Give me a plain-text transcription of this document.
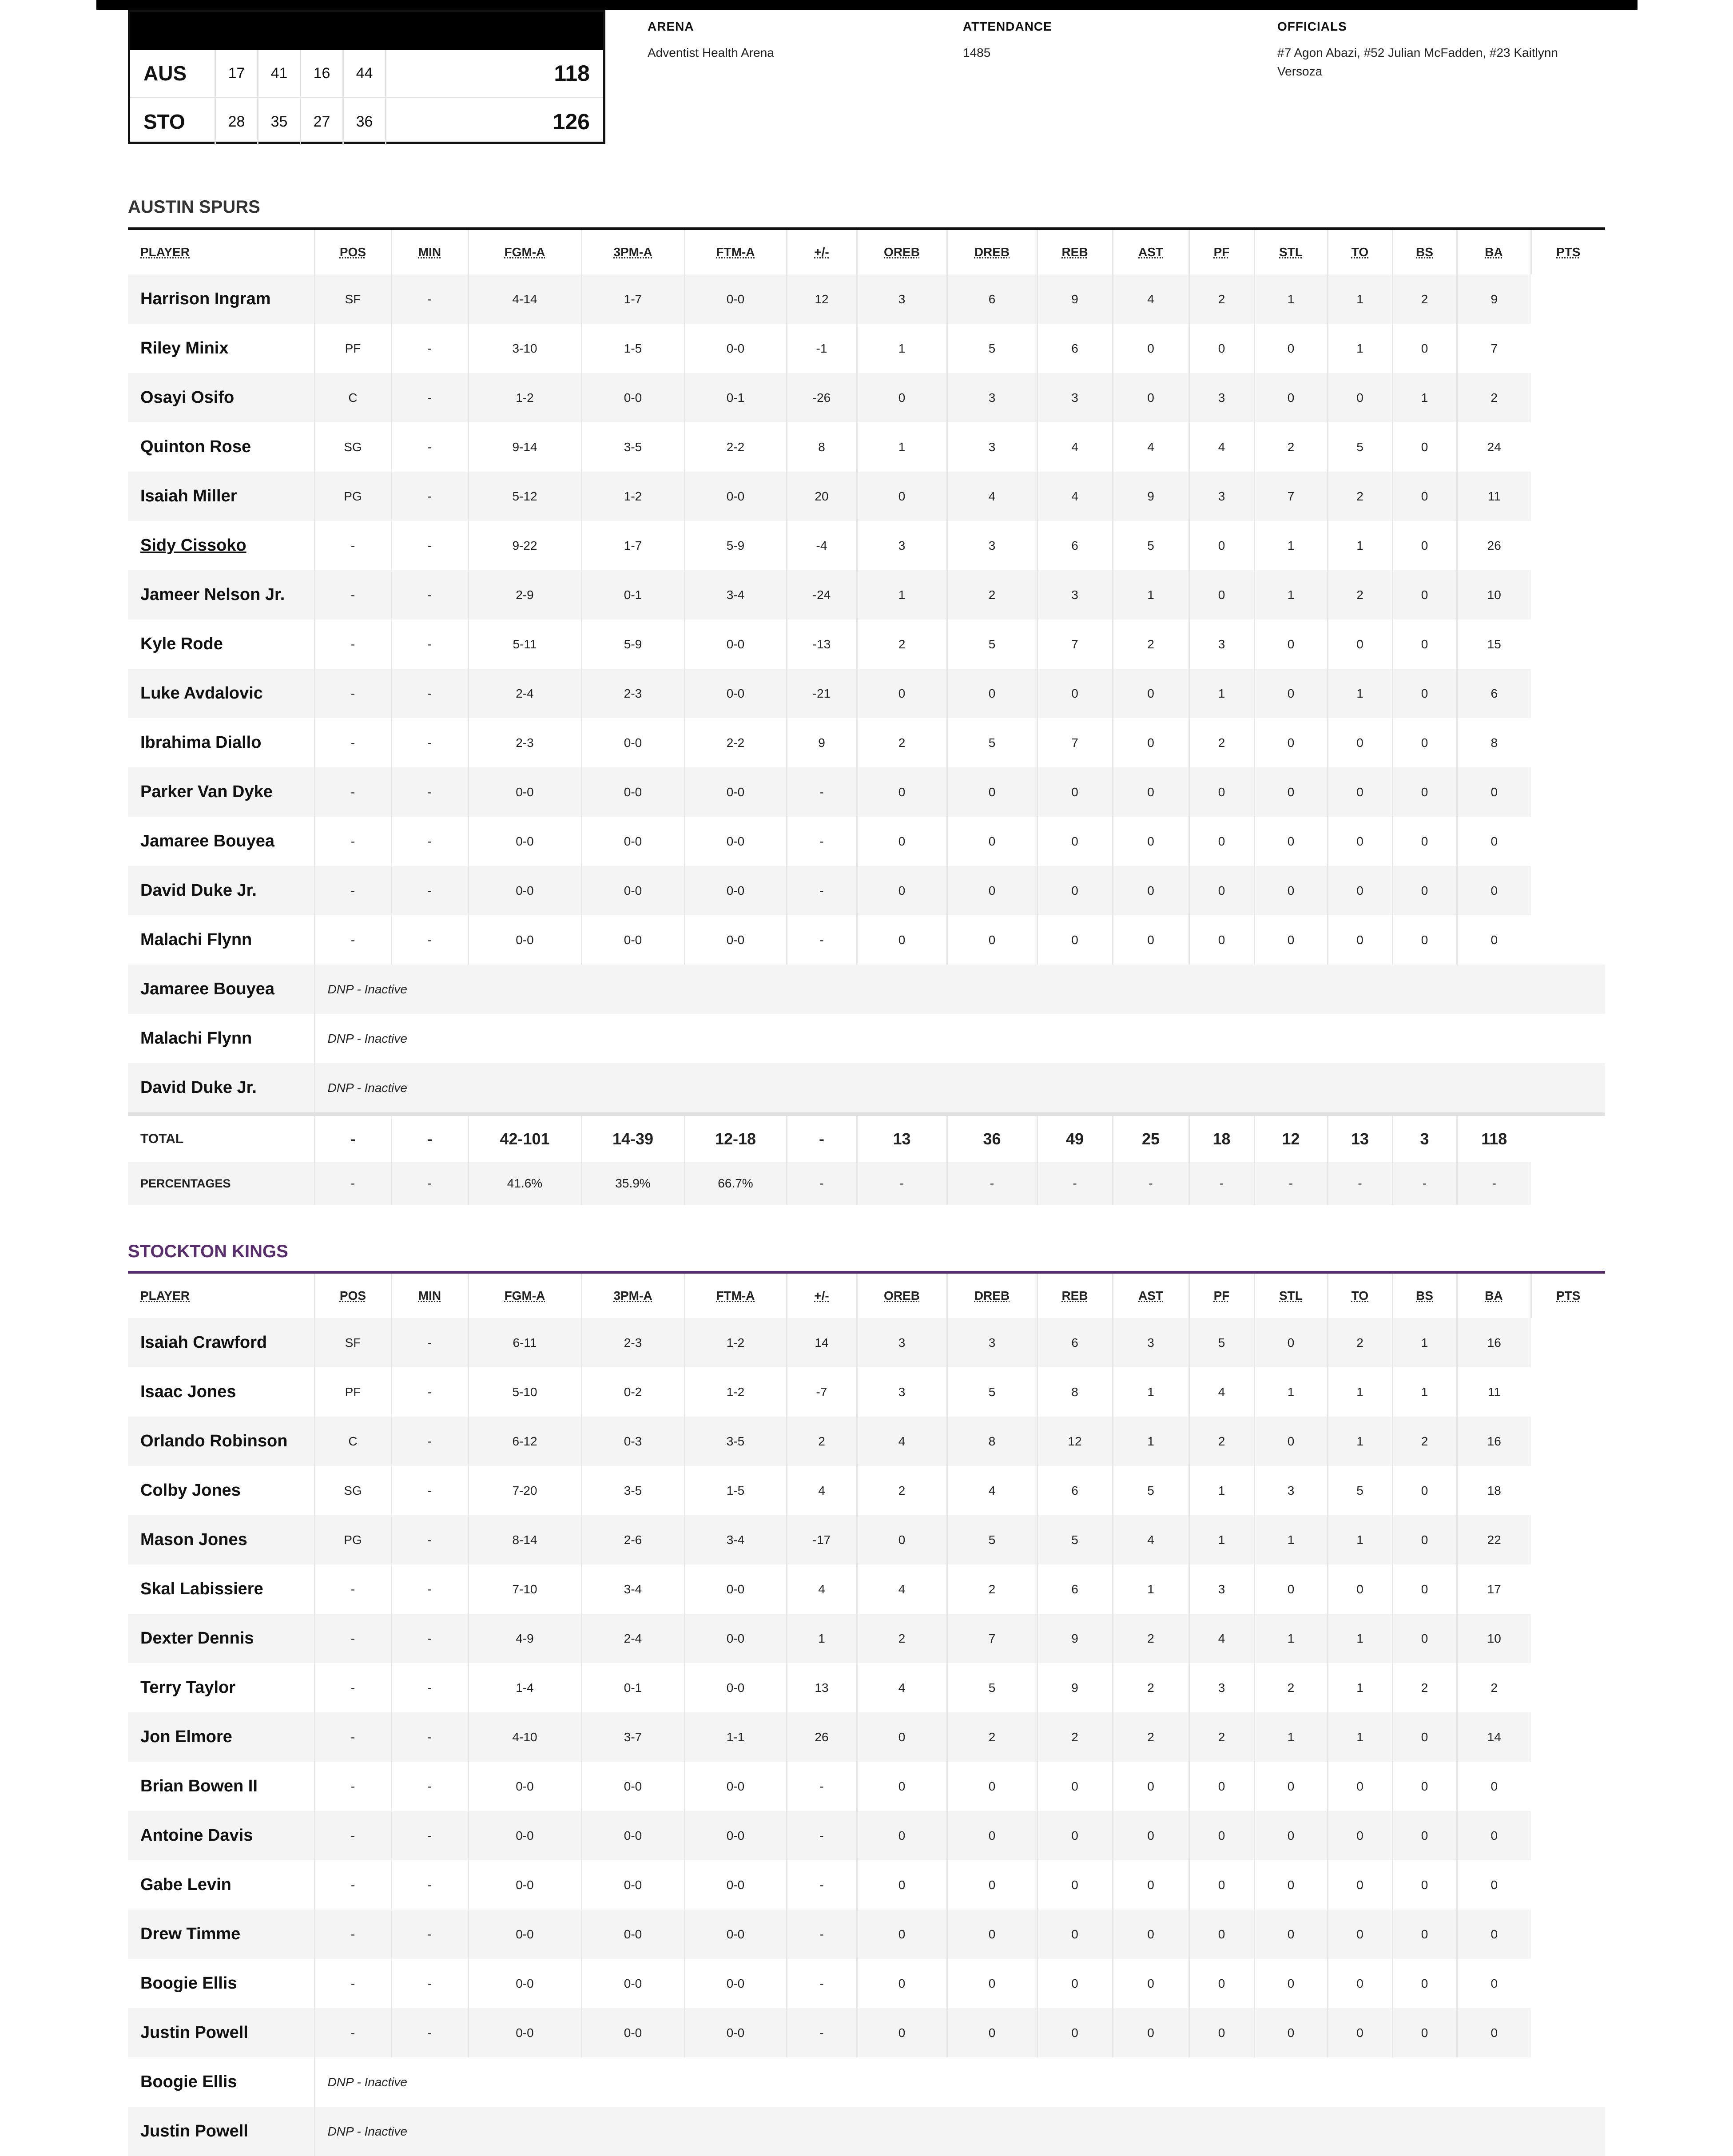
AUS	17	41	16	44	118
STO	28	35	27	36	126
ARENA
Adventist Health Arena
ATTENDANCE
1485
OFFICIALS
#7 Agon Abazi, #52 Julian McFadden, #23 Kaitlynn Versoza
AUSTIN SPURS
PLAYER	POS	MIN	FGM-A	3PM-A	FTM-A	+/-	OREB	DREB	REB	AST	PF	STL	TO	BS	BA	PTS
Harrison Ingram	SF	-	4-14	1-7	0-0	12	3	6	9	4	2	1	1	2	9	
Riley Minix	PF	-	3-10	1-5	0-0	-1	1	5	6	0	0	0	1	0	7	
Osayi Osifo	C	-	1-2	0-0	0-1	-26	0	3	3	0	3	0	0	1	2	
Quinton Rose	SG	-	9-14	3-5	2-2	8	1	3	4	4	4	2	5	0	24	
Isaiah Miller	PG	-	5-12	1-2	0-0	20	0	4	4	9	3	7	2	0	11	
Sidy Cissoko	-	-	9-22	1-7	5-9	-4	3	3	6	5	0	1	1	0	26	
Jameer Nelson Jr.	-	-	2-9	0-1	3-4	-24	1	2	3	1	0	1	2	0	10	
Kyle Rode	-	-	5-11	5-9	0-0	-13	2	5	7	2	3	0	0	0	15	
Luke Avdalovic	-	-	2-4	2-3	0-0	-21	0	0	0	0	1	0	1	0	6	
Ibrahima Diallo	-	-	2-3	0-0	2-2	9	2	5	7	0	2	0	0	0	8	
Parker Van Dyke	-	-	0-0	0-0	0-0	-	0	0	0	0	0	0	0	0	0	
Jamaree Bouyea	-	-	0-0	0-0	0-0	-	0	0	0	0	0	0	0	0	0	
David Duke Jr.	-	-	0-0	0-0	0-0	-	0	0	0	0	0	0	0	0	0	
Malachi Flynn	-	-	0-0	0-0	0-0	-	0	0	0	0	0	0	0	0	0	
Jamaree Bouyea	DNP - Inactive															
Malachi Flynn	DNP - Inactive															
David Duke Jr.	DNP - Inactive															
TOTAL	-	-	42-101	14-39	12-18	-	13	36	49	25	18	12	13	3	118	
PERCENTAGES	-	-	41.6%	35.9%	66.7%	-	-	-	-	-	-	-	-	-	-	
STOCKTON KINGS
PLAYER	POS	MIN	FGM-A	3PM-A	FTM-A	+/-	OREB	DREB	REB	AST	PF	STL	TO	BS	BA	PTS
Isaiah Crawford	SF	-	6-11	2-3	1-2	14	3	3	6	3	5	0	2	1	16	
Isaac Jones	PF	-	5-10	0-2	1-2	-7	3	5	8	1	4	1	1	1	11	
Orlando Robinson	C	-	6-12	0-3	3-5	2	4	8	12	1	2	0	1	2	16	
Colby Jones	SG	-	7-20	3-5	1-5	4	2	4	6	5	1	3	5	0	18	
Mason Jones	PG	-	8-14	2-6	3-4	-17	0	5	5	4	1	1	1	0	22	
Skal Labissiere	-	-	7-10	3-4	0-0	4	4	2	6	1	3	0	0	0	17	
Dexter Dennis	-	-	4-9	2-4	0-0	1	2	7	9	2	4	1	1	0	10	
Terry Taylor	-	-	1-4	0-1	0-0	13	4	5	9	2	3	2	1	2	2	
Jon Elmore	-	-	4-10	3-7	1-1	26	0	2	2	2	2	1	1	0	14	
Brian Bowen II	-	-	0-0	0-0	0-0	-	0	0	0	0	0	0	0	0	0	
Antoine Davis	-	-	0-0	0-0	0-0	-	0	0	0	0	0	0	0	0	0	
Gabe Levin	-	-	0-0	0-0	0-0	-	0	0	0	0	0	0	0	0	0	
Drew Timme	-	-	0-0	0-0	0-0	-	0	0	0	0	0	0	0	0	0	
Boogie Ellis	-	-	0-0	0-0	0-0	-	0	0	0	0	0	0	0	0	0	
Justin Powell	-	-	0-0	0-0	0-0	-	0	0	0	0	0	0	0	0	0	
Boogie Ellis	DNP - Inactive															
Justin Powell	DNP - Inactive															
